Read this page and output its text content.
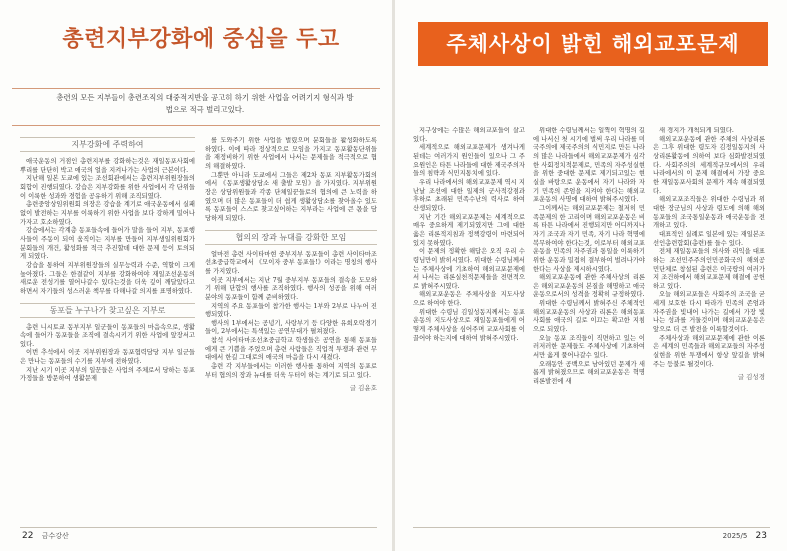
총련지부강화에 중심을 두고
총련의 모든 지부들이 총련조직의 대중적지반을 공고히 하기 위한 사업을 어려기지 형식과 방법으로 적극 벌리고있다.
지부강화에 주력하여

애국운동의 거점인 총련지부를 강화하는것은 재일동포사회에 뿌리를 단단히 박고 애국의 얼을 지켜나가는 사업의 근본이다.

지난해 일본 도쿄에 있는 조선회관에서는 총련지부위원장들의 회합이 진행되였다. 강습은 지부강화를 위한 사업에서 각 단위들이 이룩한 성과와 경험을 공유하기 위해 조직되였다.

총련중앙상임위원회 의장은 강습을 계기로 애국운동에서 실패없이 발전하는 지부를 이룩하기 위한 사업을 보다 강하게 밀어나가자고 호소하였다.

강습에서는 각계층 동포들속에 들어가 말을 들어 지부, 동포행사들이 주동이 되여 움직이는 지부를 만들어 지부생일위원회가 분회들의 개건, 활성화를 적극 추진할데 대한 문제 등이 토의되게 되였다.

강습을 통하여 지부위원장들의 실무능력과 수준, 역할이 크게 높아졌다. 그들은 한결같이 지부를 강화하여야 재일조선운동의 새로운 전성기를 열어나갈수 있다는것을 더욱 깊이 깨달았다고 하면서 자기들의 성스러운 책무를 다해나갈 의지를 표명하였다.

동포들 누구나가 찾고싶은 지부로

총련 니시토쿄 동부지부 일군들이 동포들의 마음속으로, 생활속에 들어가 동포들을 조직에 결속시키기 위한 사업에 앞장서고 있다.

이번 추석에서 이곳 지부위원장과 동포협력담당 지부 일군들은 만나는 동포들의 수기를 지부에 전하였다.

지난 시기 이곳 지부의 일꾼들은 사업의 주체로서 당하는 동포가정들을 방문하여 생활문제

를 도와주기 위한 사업을 벌렸으며 분회들을 활성화하도록 하였다. 이에 따라 정상적으로 모임을 가지고 동포활동단위들을 재정비하기 위한 사업에서 나서는 문제들을 적극적으로 협의 해결하였다.

그뿐만 아니라 도쿄에서 그들은 제2차 동포 지부활동가회의에서 《동포생활상담소 새 출발 모임》을 가지였다. 지부위원장은 상담위원들과 각종 단체일꾼들로의 협의에 큰 노력을 하였으며 더 많은 동포들이 더 쉽게 생활상담소를 찾아올수 있도록 동포들이 스스로 찾고싶어하는 지부라는 사업에 큰 몫을 담당하게 되였다.

협의의 장과 뉴대를 강화한 모임

얼마전 총련 사이타마현 중부지부 동포들이 총련 사이타마조선초중급학교에서 《모이자 중부 동포들!》이라는 명칭의 행사를 가지였다.

이곳 지부에서는 지난 7월 중부지부 동포들의 결속을 도모하기 위해 단합의 행사를 조직하였다. 행사의 성공을 위해 여러 분야의 동포들이 함께 준비하였다.

지역의 주요 동포들이 참가한 행사는 1부와 2부로 나누어 진행되였다.

행사의 1부에서는 공녕기, 사랑부기 등 다양한 유희오락경기들이, 2부에서는 특색있는 공연무대가 펼쳐졌다.

참석 사이타마조선초중급학교 학생들은 공연을 통해 동포들에게 큰 기쁨을 주었으며 총련 사람들은 직업적 투쟁과 관련 무대에서 한길 그대로의 애국의 마음을 다시 새겼다.

총련 각 지부들에서는 이러한 행사를 통하여 지역의 동포로부터 협의의 장과 뉴대를 더욱 두터이 하는 계기로 되고 있다.

글 김윤호
22 금수강산

지구상에는 수많은 해외교포들이 살고있다.

세계적으로 해외교포문제가 생겨나게 된데는 여러가지 원인들이 있으나 그 주요원인은 타튼 나라들에 대한 제국주의자들의 침략과 식민지통치에 있다.

우리 나라에서의 해외교포문제 역시 지난날 조선에 대한 일제의 군사적강점과 후하로 초래된 민족수난의 력사로 하여 산생되였다.

지난 기간 해외교포문제는 세계적으로 매우 중요하게 제기되였지만 그에 대한 옳은 리론적지침과 정책강령이 마련되어 있지 못하였다.

이 문제의 정확한 해답은 오직 우리 수령님만이 밝히시였다. 위대한 수령님께서는 주체사상에 기초하여 해외교포문제에서 나서는 리론실천적문제들을 전면적으로 밝혀주시였다.

해외교포운동은 주체사상을 지도사상으로 하여야 한다.

위대한 수령님 김일성동지께서는 동포운동의 지도사상으로 재일동포들에게 어떻게 주체사상을 심어주며 교포사회를 이끌어야 하는지에 대하여 밝혀주시였다.

위대한 수령님께서는 일찍이 혁명의 길에 나서신 첫 시기에 벌써 우리 나라를 미국주의에 제국주의의 식민지로 만든 나라의 많은 나라들에서 해외교포문제가 심각한 사회정치적문제로, 민족의 자주성실현을 위한 중대한 문제로 제기되고있는 현실을 바탕으로 운동에서 자기 나라와 자기 민족의 존엄을 지켜야 한다는 해외교포운동의 사명에 대하여 밝혀주시였다.

그이께서는 해외교포문제는 철저히 민족문제의 한 고리이며 해외교포운동은 비록 타튼 나라에서 진행되지만 어디까지나 자기 조국과 자기 민족, 자기 나라 혁명에 복무하여야 한다는것, 이로부터 해외교포운동을 민족의 자주권과 통일을 이룩하기 위한 운동과 밀접히 결부하여 벌려나가야 한다는 사상을 제시하시였다.

해외교포운동에 관한 주체사상의 리론은 해외교포운동의 본질을 해명하고 애국운동으로서의 성격을 정확히 규정하였다.

위대한 수령님께서 밝혀주신 주체적인 해외교포운동의 사상과 리론은 해외동포사회를 애국의 길로 이끄는 확고한 지침으로 되였다.

오늘 동포 조직들이 직면하고 있는 이러저러한 문제들도 주체사상에 기초하여서만 옳게 풀어나갈수 있다.

오래동안 공백으로 남아있던 문제가 새롭게 밝혀졌으므로 해외교포운동은 혁명리론발전에 새

새 경지가 개척되게 되였다.

해외교포운동에 관한 주체의 사상리론은 그후 위대한 령도자 김정일동지의 사상리론활동에 의하여 보다 심화발전되였다. 사회주의의 세계적규모에서의 우리 나라에서의 이 문제 해결에서 가장 중요한 재일동포사회의 문제가 계속 해결되였다.

해외교포조직들은 위대한 수령님과 위대한 장군님의 사상과 령도에 의해 해외동포들의 조국통일운동과 애국운동을 전개하고 있다.

대표적인 실례로 일본에 있는 재일본조선인총련합회(총련)를 들수 있다.

전체 재일동포들의 의사와 리익을 대표하는 조선민주주의인민공화국의 해외공민단체로 창설된 총련은 이국땅의 여러가지 조건하에서 해외교포문제 해결에 공헌하고 있다.

오늘 해외교포들은 사회주의 조국을 굳세게 보호한 다시 따라가 민족의 존엄과 자주권을 빛내어 나가는 길에서 가장 빛나는 성과를 거둘것이며 해외교포운동은 앞으로 더 큰 발전을 이룩할것이다.

주체사상과 해외교포문제에 관한 이론은 세계의 민족들과 해외교포들의 자주성실현을 위한 투쟁에서 항상 앞길을 밝혀주는 등불로 될것이다.

글 김성경
주체사상이 밝힌 해외교포문제
2025/5 23
